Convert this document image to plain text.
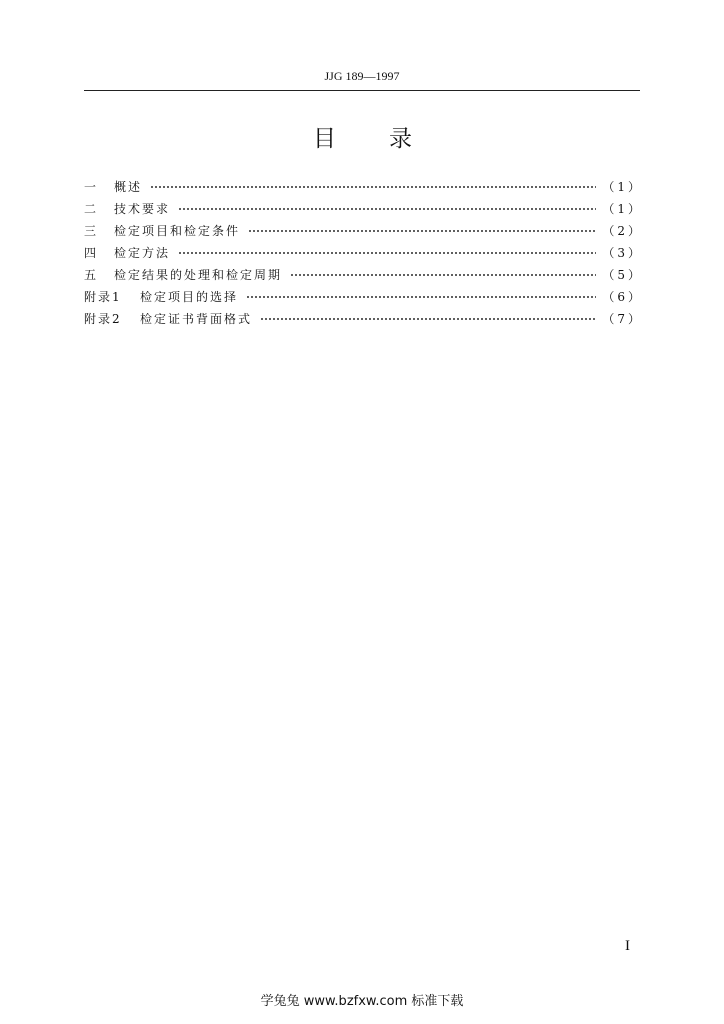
JJG 189—1997
目 录
一	概述	（1）
二	技术要求	（1）
三	检定项目和检定条件	（2）
四	检定方法	（3）
五	检定结果的处理和检定周期	（5）
附录1	检定项目的选择	（6）
附录2	检定证书背面格式	（7）
I
学兔兔 www.bzfxw.com 标准下载
